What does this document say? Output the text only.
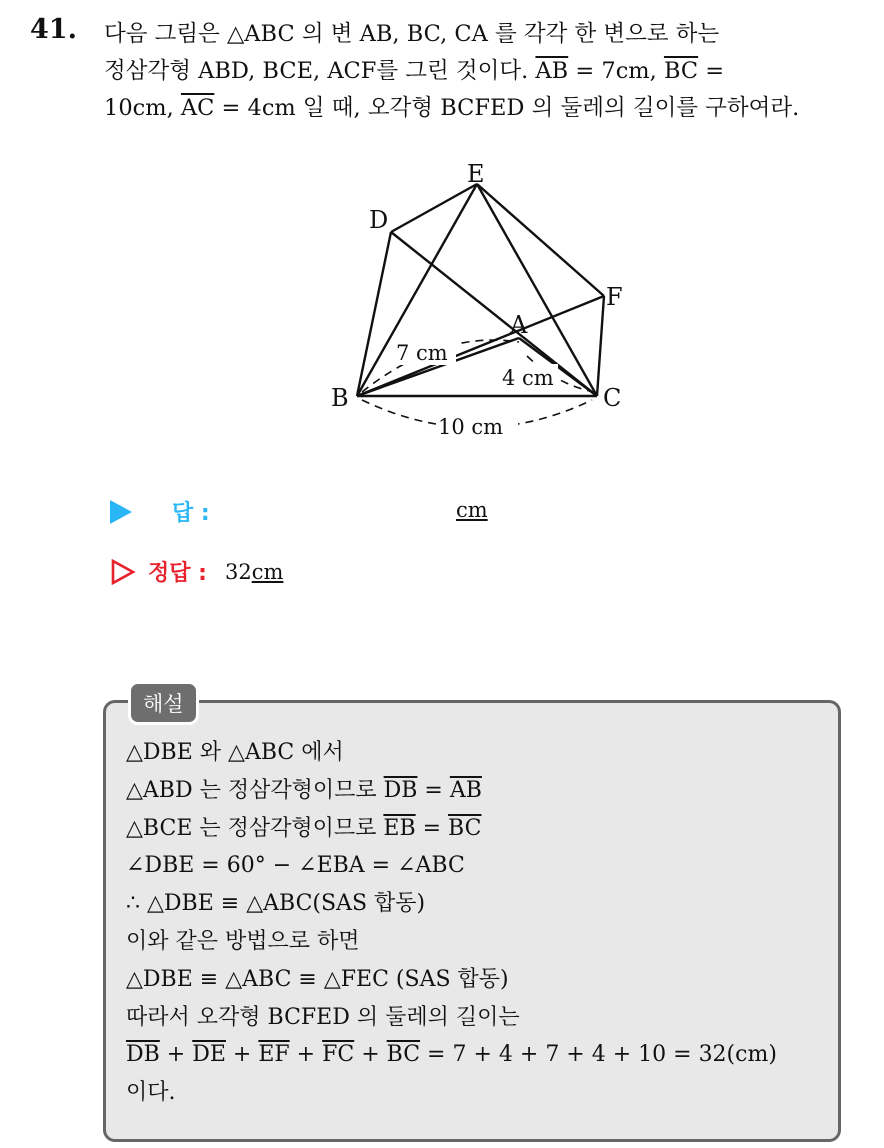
41. 다음 그림은 △ABC 의 변 AB, BC, CA 를 각각 한 변으로 하는
정삼각형 ABD, BCE, ACF를 그린 것이다. $\overline{AB} = 7cm$, $\overline{BC}$ =
10cm, $\overline{AC} = 4cm$ 일 때, 오각형 BCFED 의 둘레의 길이를 구하여라.
E
D
F
A
B	C
7 cm
4 cm
10 cm
답 :	cm
정답 : 32cm
해설
△DBE 와 △ABC 에서
△ABD 는 정삼각형이므로 $\overline{DB} = \overline{AB}$
△BCE 는 정삼각형이므로 $\overline{EB} = \overline{BC}$
∠DBE = 60° − ∠EBA = ∠ABC
∴ △DBE ≡ △ABC(SAS 합동)
이와 같은 방법으로 하면
△DBE ≡ △ABC ≡ △FEC (SAS 합동)
따라서 오각형 BCFED 의 둘레의 길이는
$\overline{DB} + \overline{DE} + \overline{EF} + \overline{FC} + \overline{BC} = 7 + 4 + 7 + 4 + 10 = 32(cm)$
이다.
